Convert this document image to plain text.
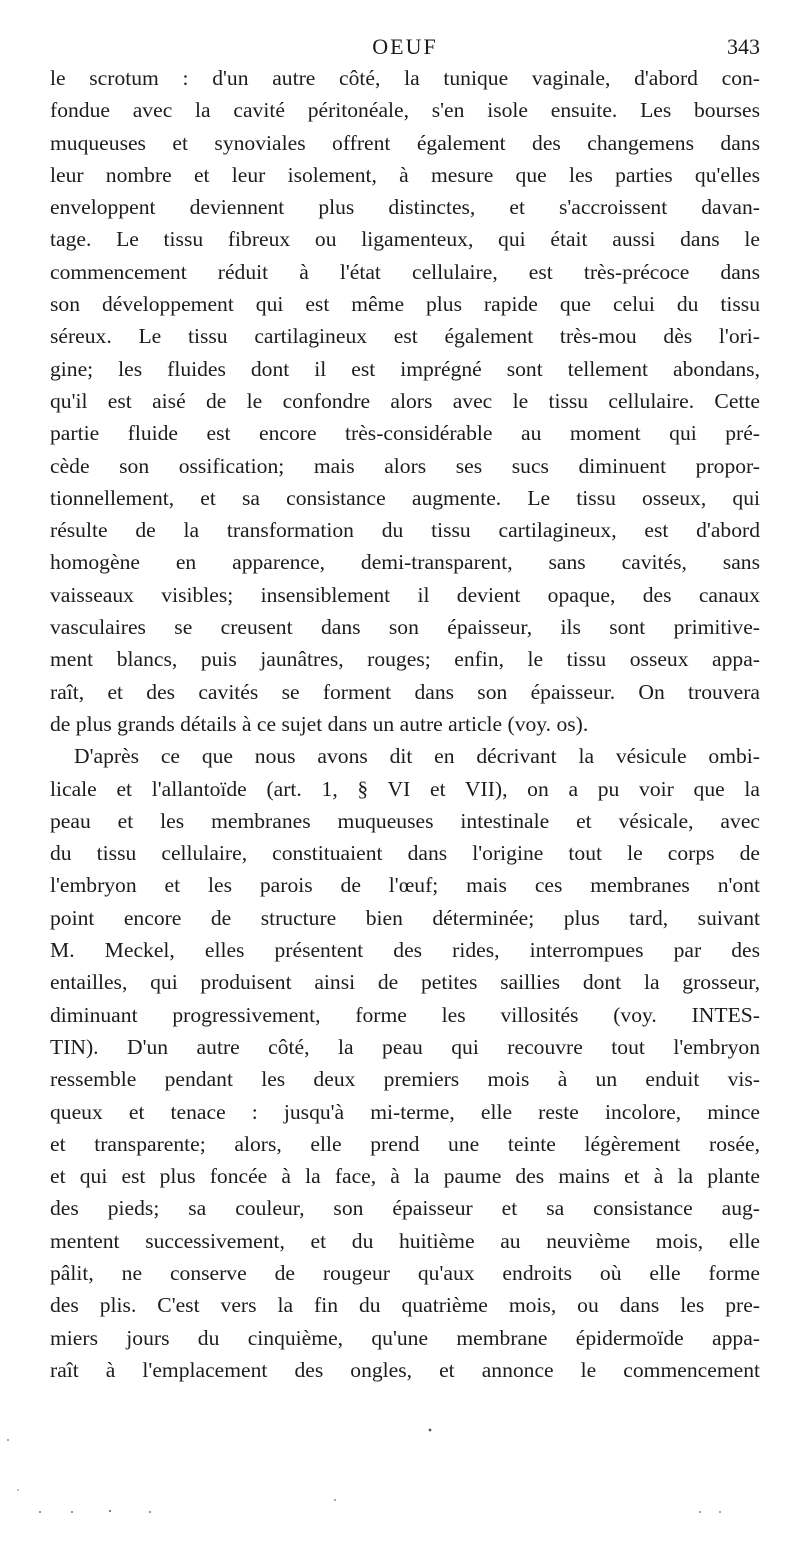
OEUF	343
le scrotum : d'un autre côté, la tunique vaginale, d'abord con-
fondue avec la cavité péritonéale, s'en isole ensuite. Les bourses
muqueuses et synoviales offrent également des changemens dans
leur nombre et leur isolement, à mesure que les parties qu'elles
enveloppent deviennent plus distinctes, et s'accroissent davan-
tage. Le tissu fibreux ou ligamenteux, qui était aussi dans le
commencement réduit à l'état cellulaire, est très-précoce dans
son développement qui est même plus rapide que celui du tissu
séreux. Le tissu cartilagineux est également très-mou dès l'ori-
gine; les fluides dont il est imprégné sont tellement abondans,
qu'il est aisé de le confondre alors avec le tissu cellulaire. Cette
partie fluide est encore très-considérable au moment qui pré-
cède son ossification; mais alors ses sucs diminuent propor-
tionnellement, et sa consistance augmente. Le tissu osseux, qui
résulte de la transformation du tissu cartilagineux, est d'abord
homogène en apparence, demi-transparent, sans cavités, sans
vaisseaux visibles; insensiblement il devient opaque, des canaux
vasculaires se creusent dans son épaisseur, ils sont primitive-
ment blancs, puis jaunâtres, rouges; enfin, le tissu osseux appa-
raît, et des cavités se forment dans son épaisseur. On trouvera
de plus grands détails à ce sujet dans un autre article (voy. os).
D'après ce que nous avons dit en décrivant la vésicule ombi-
licale et l'allantoïde (art. 1, § VI et VII), on a pu voir que la
peau et les membranes muqueuses intestinale et vésicale, avec
du tissu cellulaire, constituaient dans l'origine tout le corps de
l'embryon et les parois de l'œuf; mais ces membranes n'ont
point encore de structure bien déterminée; plus tard, suivant
M. Meckel, elles présentent des rides, interrompues par des
entailles, qui produisent ainsi de petites saillies dont la grosseur,
diminuant progressivement, forme les villosités (voy. INTES-
TIN). D'un autre côté, la peau qui recouvre tout l'embryon
ressemble pendant les deux premiers mois à un enduit vis-
queux et tenace : jusqu'à mi-terme, elle reste incolore, mince
et transparente; alors, elle prend une teinte légèrement rosée,
et qui est plus foncée à la face, à la paume des mains et à la plante
des pieds; sa couleur, son épaisseur et sa consistance aug-
mentent successivement, et du huitième au neuvième mois, elle
pâlit, ne conserve de rougeur qu'aux endroits où elle forme
des plis. C'est vers la fin du quatrième mois, ou dans les pre-
miers jours du cinquième, qu'une membrane épidermoïde appa-
raît à l'emplacement des ongles, et annonce le commencement
